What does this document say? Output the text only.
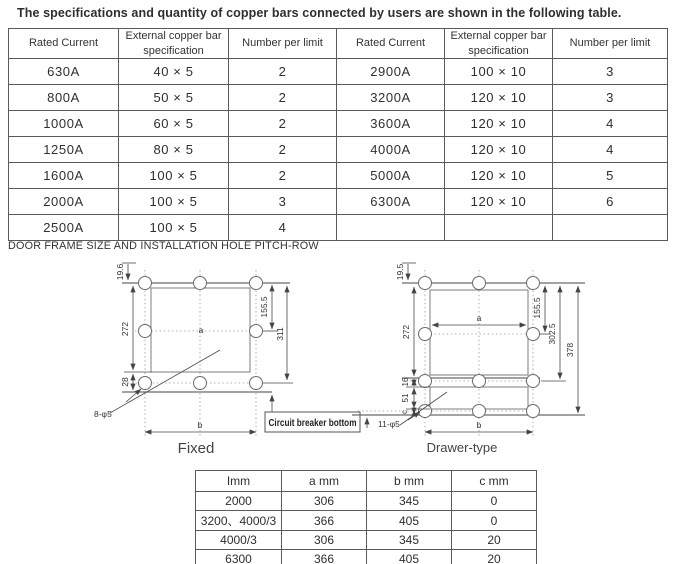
The specifications and quantity of copper bars connected by users are shown in the following table.
Rated Current	External copper bar specification	Number per limit	Rated Current	External copper bar specification	Number per limit
630A	40 × 5	2	2900A	100 × 10	3
800A	50 × 5	2	3200A	120 × 10	3
1000A	60 × 5	2	3600A	120 × 10	4
1250A	80 × 5	2	4000A	120 × 10	4
1600A	100 × 5	2	5000A	120 × 10	5
2000A	100 × 5	3	6300A	120 × 10	6
2500A	100 × 5	4			
DOOR FRAME SIZE AND INSTALLATION HOLE PITCH-ROW
19.6
272
28
a
155.5
311
b
8-φ5
Fixed
Circuit breaker bottom
19.5
272
16
51
c
a	155.5
302.5
378
b
11-φ5
Drawer-type
Imm	a mm	b mm	c mm
2000	306	345	0
3200、4000/3	366	405	0
4000/3	306	345	20
6300	366	405	20
